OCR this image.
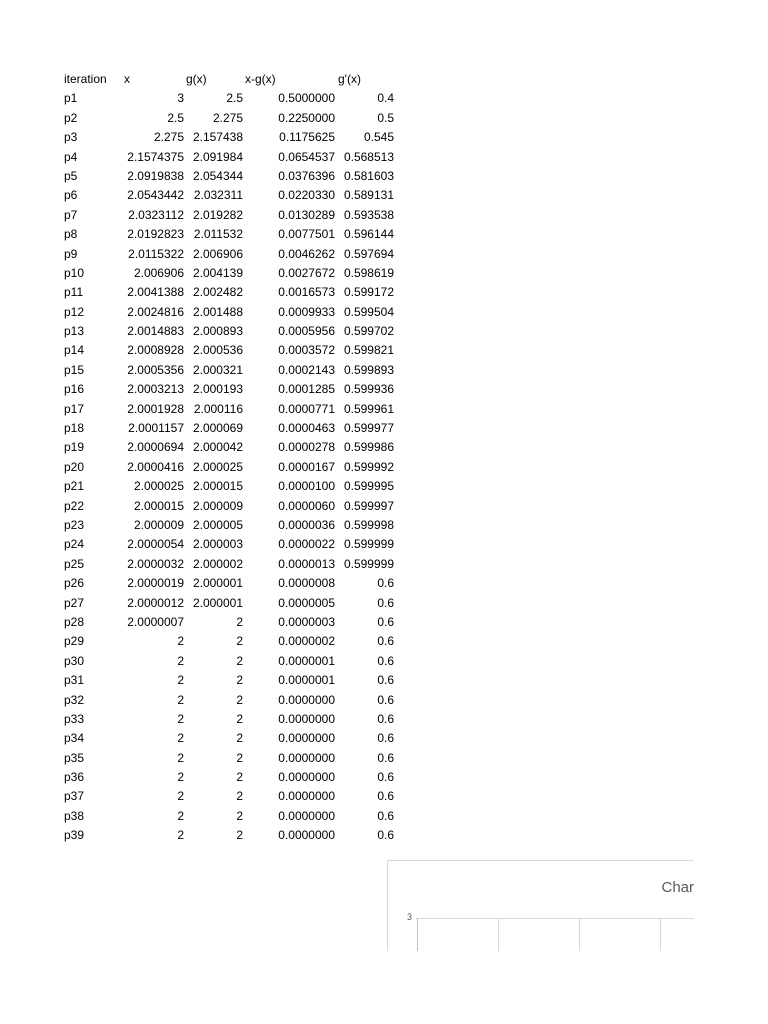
iteration	x	g(x)	x-g(x)	g'(x)
p1	3	2.5	0.5000000	0.4
p2	2.5	2.275	0.2250000	0.5
p3	2.275 2.157438	0.1175625	0.545
p4	2.1574375 2.091984	0.0654537 0.568513
p5	2.0919838 2.054344	0.0376396 0.581603
p6	2.0543442 2.032311	0.0220330 0.589131
p7	2.0323112 2.019282	0.0130289 0.593538
p8	2.0192823 2.011532	0.0077501 0.596144
p9	2.0115322 2.006906	0.0046262 0.597694
p10	2.006906 2.004139	0.0027672 0.598619
p11	2.0041388 2.002482	0.0016573 0.599172
p12	2.0024816 2.001488	0.0009933 0.599504
p13	2.0014883 2.000893	0.0005956 0.599702
p14	2.0008928 2.000536	0.0003572 0.599821
p15	2.0005356 2.000321	0.0002143 0.599893
p16	2.0003213 2.000193	0.0001285 0.599936
p17	2.0001928 2.000116	0.0000771 0.599961
p18	2.0001157 2.000069	0.0000463 0.599977
p19	2.0000694 2.000042	0.0000278 0.599986
p20	2.0000416 2.000025	0.0000167 0.599992
p21	2.000025 2.000015	0.0000100 0.599995
p22	2.000015 2.000009	0.0000060 0.599997
p23	2.000009 2.000005	0.0000036 0.599998
p24	2.0000054 2.000003	0.0000022 0.599999
p25	2.0000032 2.000002	0.0000013 0.599999
p26	2.0000019 2.000001	0.0000008	0.6
p27	2.0000012 2.000001	0.0000005	0.6
p28	2.0000007	2	0.0000003	0.6
p29	2	2	0.0000002	0.6
p30	2	2	0.0000001	0.6
p31	2	2	0.0000001	0.6
p32	2	2	0.0000000	0.6
p33	2	2	0.0000000	0.6
p34	2	2	0.0000000	0.6
p35	2	2	0.0000000	0.6
p36	2	2	0.0000000	0.6
p37	2	2	0.0000000	0.6
p38	2	2	0.0000000	0.6
p39	2	2	0.0000000	0.6
Char
3
